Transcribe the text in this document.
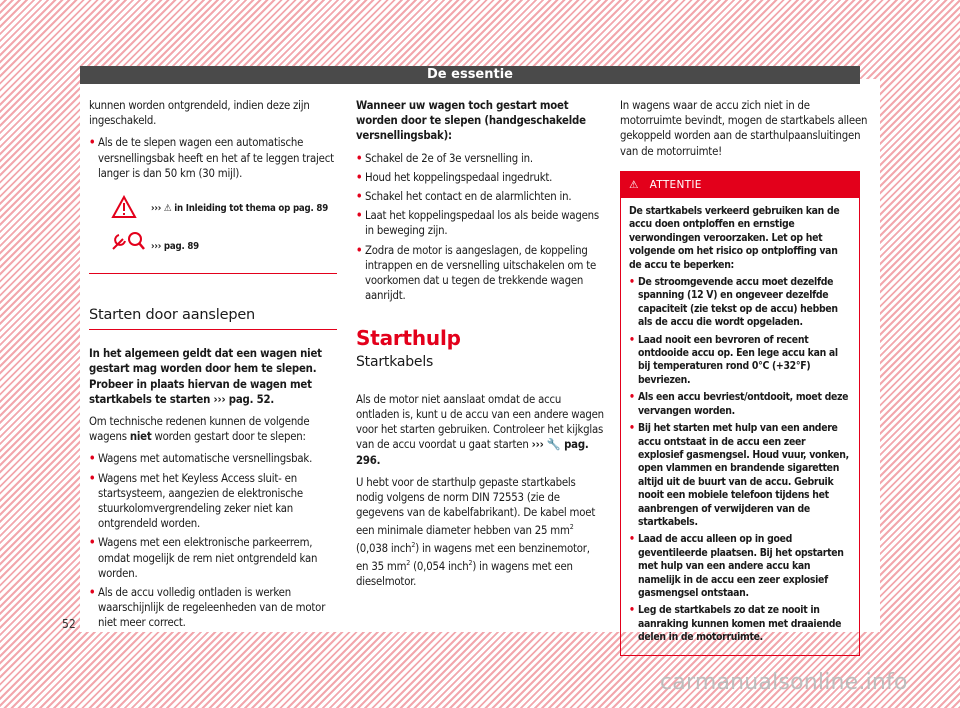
De essentie

kunnen worden ontgrendeld, indien deze zijn ingeschakeld.

• Als de te slepen wagen een automatische versnellingsbak heeft en het af te leggen traject langer is dan 50 km (30 mijl).
››› ⚠ in Inleiding tot thema op pag. 89
››› pag. 89
Starten door aanslepen

In het algemeen geldt dat een wagen niet gestart mag worden door hem te slepen. Probeer in plaats hiervan de wagen met startkabels te starten ››› pag. 52.

Om technische redenen kunnen de volgende wagens niet worden gestart door te slepen:

• Wagens met automatische versnellingsbak.
• Wagens met het Keyless Access sluit- en startsysteem, aangezien de elektronische stuurkolomvergrendeling zeker niet kan ontgrendeld worden.
• Wagens met een elektronische parkeerrem, omdat mogelijk de rem niet ontgrendeld kan worden.
• Als de accu volledig ontladen is werken waarschijnlijk de regeleenheden van de motor niet meer correct.

Wanneer uw wagen toch gestart moet worden door te slepen (handgeschakelde versnellingsbak):

• Schakel de 2e of 3e versnelling in.
• Houd het koppelingspedaal ingedrukt.
• Schakel het contact en de alarmlichten in.
• Laat het koppelingspedaal los als beide wagens in beweging zijn.
• Zodra de motor is aangeslagen, de koppeling intrappen en de versnelling uitschakelen om te voorkomen dat u tegen de trekkende wagen aanrijdt.
Starthulp
Startkabels

Als de motor niet aanslaat omdat de accu ontladen is, kunt u de accu van een andere wagen voor het starten gebruiken. Controleer het kijkglas van de accu voordat u gaat starten ››› 🔧 pag. 296.

U hebt voor de starthulp gepaste startkabels nodig volgens de norm DIN 72553 (zie de gegevens van de kabelfabrikant). De kabel moet een minimale diameter hebben van 25 $mm^2$ (0,038 inch$^2$) in wagens met een benzinemotor, en 35 $mm^2$ (0,054 inch$^2$) in wagens met een dieselmotor.

In wagens waar de accu zich niet in de motorruimte bevindt, mogen de startkabels alleen gekoppeld worden aan de starthulpaansluitingen van de motorruimte!

⚠ ATTENTIE

De startkabels verkeerd gebruiken kan de accu doen ontploffen en ernstige verwondingen veroorzaken. Let op het volgende om het risico op ontploffing van de accu te beperken:

• De stroomgevende accu moet dezelfde spanning (12 V) en ongeveer dezelfde capaciteit (zie tekst op de accu) hebben als de accu die wordt opgeladen.
• Laad nooit een bevroren of recent ontdooide accu op. Een lege accu kan al bij temperaturen rond 0°C (+32°F) bevriezen.
• Als een accu bevriest/ontdooit, moet deze vervangen worden.
• Bij het starten met hulp van een andere accu ontstaat in de accu een zeer explosief gasmengsel. Houd vuur, vonken, open vlammen en brandende sigaretten altijd uit de buurt van de accu. Gebruik nooit een mobiele telefoon tijdens het aanbrengen of verwijderen van de startkabels.
• Laad de accu alleen op in goed geventileerde plaatsen. Bij het opstarten met hulp van een andere accu kan namelijk in de accu een zeer explosief gasmengsel ontstaan.
• Leg de startkabels zo dat ze nooit in aanraking kunnen komen met draaiende delen in de motorruimte.
52
carmanualsonline.info
